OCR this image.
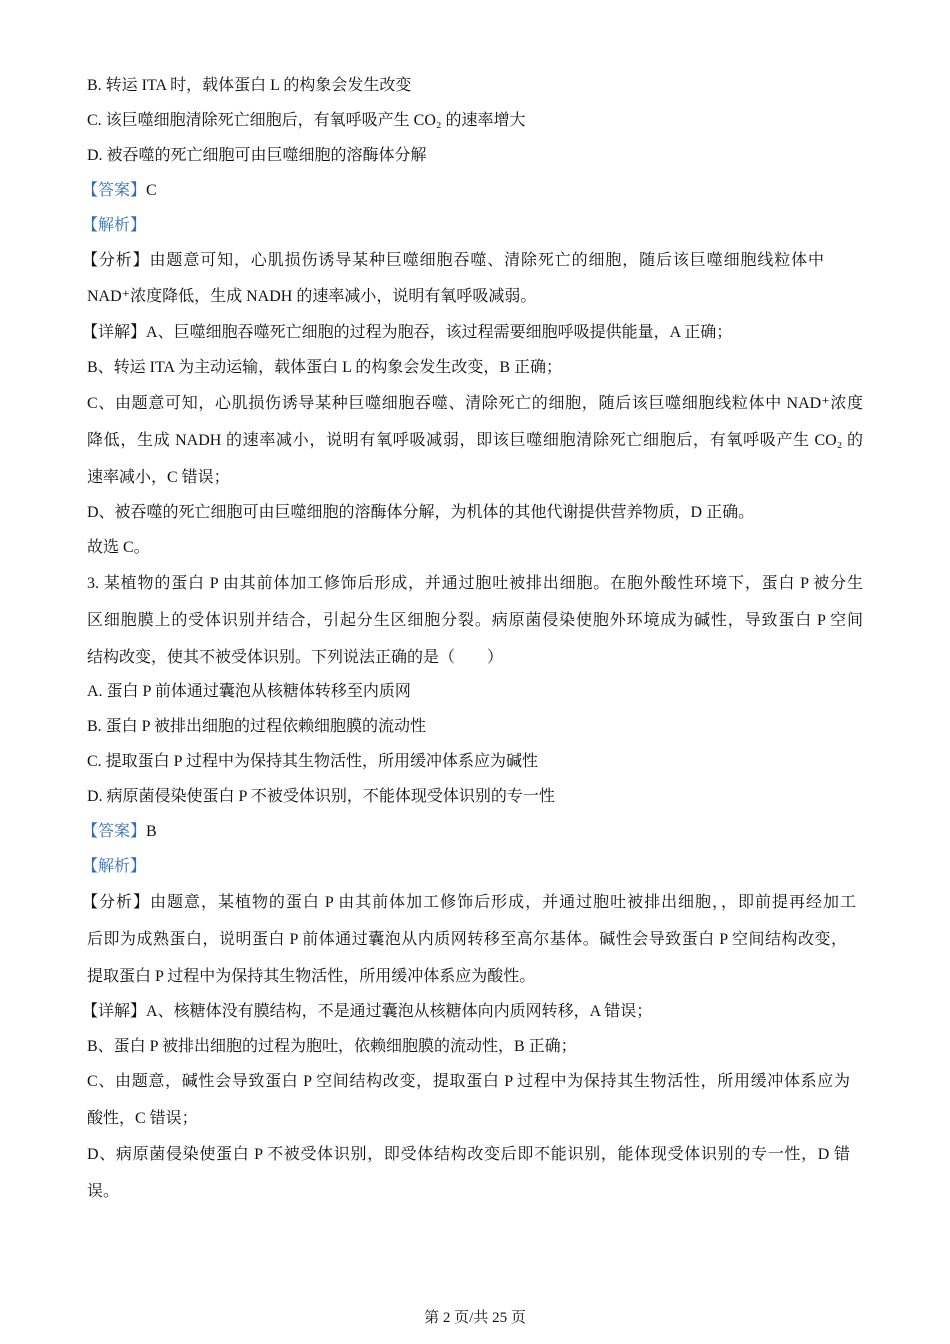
B. 转运 ITA 时，载体蛋白 L 的构象会发生改变
C. 该巨噬细胞清除死亡细胞后，有氧呼吸产生 CO₂ 的速率增大
D. 被吞噬的死亡细胞可由巨噬细胞的溶酶体分解
【答案】C
【解析】
【分析】由题意可知，心肌损伤诱导某种巨噬细胞吞噬、清除死亡的细胞，随后该巨噬细胞线粒体中
NAD⁺浓度降低，生成 NADH 的速率减小，说明有氧呼吸减弱。
【详解】A、巨噬细胞吞噬死亡细胞的过程为胞吞，该过程需要细胞呼吸提供能量，A 正确；
B、转运 ITA 为主动运输，载体蛋白 L 的构象会发生改变，B 正确；
C、由题意可知，心肌损伤诱导某种巨噬细胞吞噬、清除死亡的细胞，随后该巨噬细胞线粒体中 NAD⁺浓度
降低，生成 NADH 的速率减小，说明有氧呼吸减弱，即该巨噬细胞清除死亡细胞后，有氧呼吸产生 CO₂ 的
速率减小，C 错误；
D、被吞噬的死亡细胞可由巨噬细胞的溶酶体分解，为机体的其他代谢提供营养物质，D 正确。
故选 C。
3. 某植物的蛋白 P 由其前体加工修饰后形成，并通过胞吐被排出细胞。在胞外酸性环境下，蛋白 P 被分生
区细胞膜上的受体识别并结合，引起分生区细胞分裂。病原菌侵染使胞外环境成为碱性，导致蛋白 P 空间
结构改变，使其不被受体识别。下列说法正确的是（　　）
A. 蛋白 P 前体通过囊泡从核糖体转移至内质网
B. 蛋白 P 被排出细胞的过程依赖细胞膜的流动性
C. 提取蛋白 P 过程中为保持其生物活性，所用缓冲体系应为碱性
D. 病原菌侵染使蛋白 P 不被受体识别，不能体现受体识别的专一性
【答案】B
【解析】
【分析】由题意，某植物的蛋白 P 由其前体加工修饰后形成，并通过胞吐被排出细胞，，即前提再经加工
后即为成熟蛋白，说明蛋白 P 前体通过囊泡从内质网转移至高尔基体。碱性会导致蛋白 P 空间结构改变，
提取蛋白 P 过程中为保持其生物活性，所用缓冲体系应为酸性。
【详解】A、核糖体没有膜结构，不是通过囊泡从核糖体向内质网转移，A 错误；
B、蛋白 P 被排出细胞的过程为胞吐，依赖细胞膜的流动性，B 正确；
C、由题意，碱性会导致蛋白 P 空间结构改变，提取蛋白 P 过程中为保持其生物活性，所用缓冲体系应为
酸性，C 错误；
D、病原菌侵染使蛋白 P 不被受体识别，即受体结构改变后即不能识别，能体现受体识别的专一性，D 错
误。
第 2 页/共 25 页
